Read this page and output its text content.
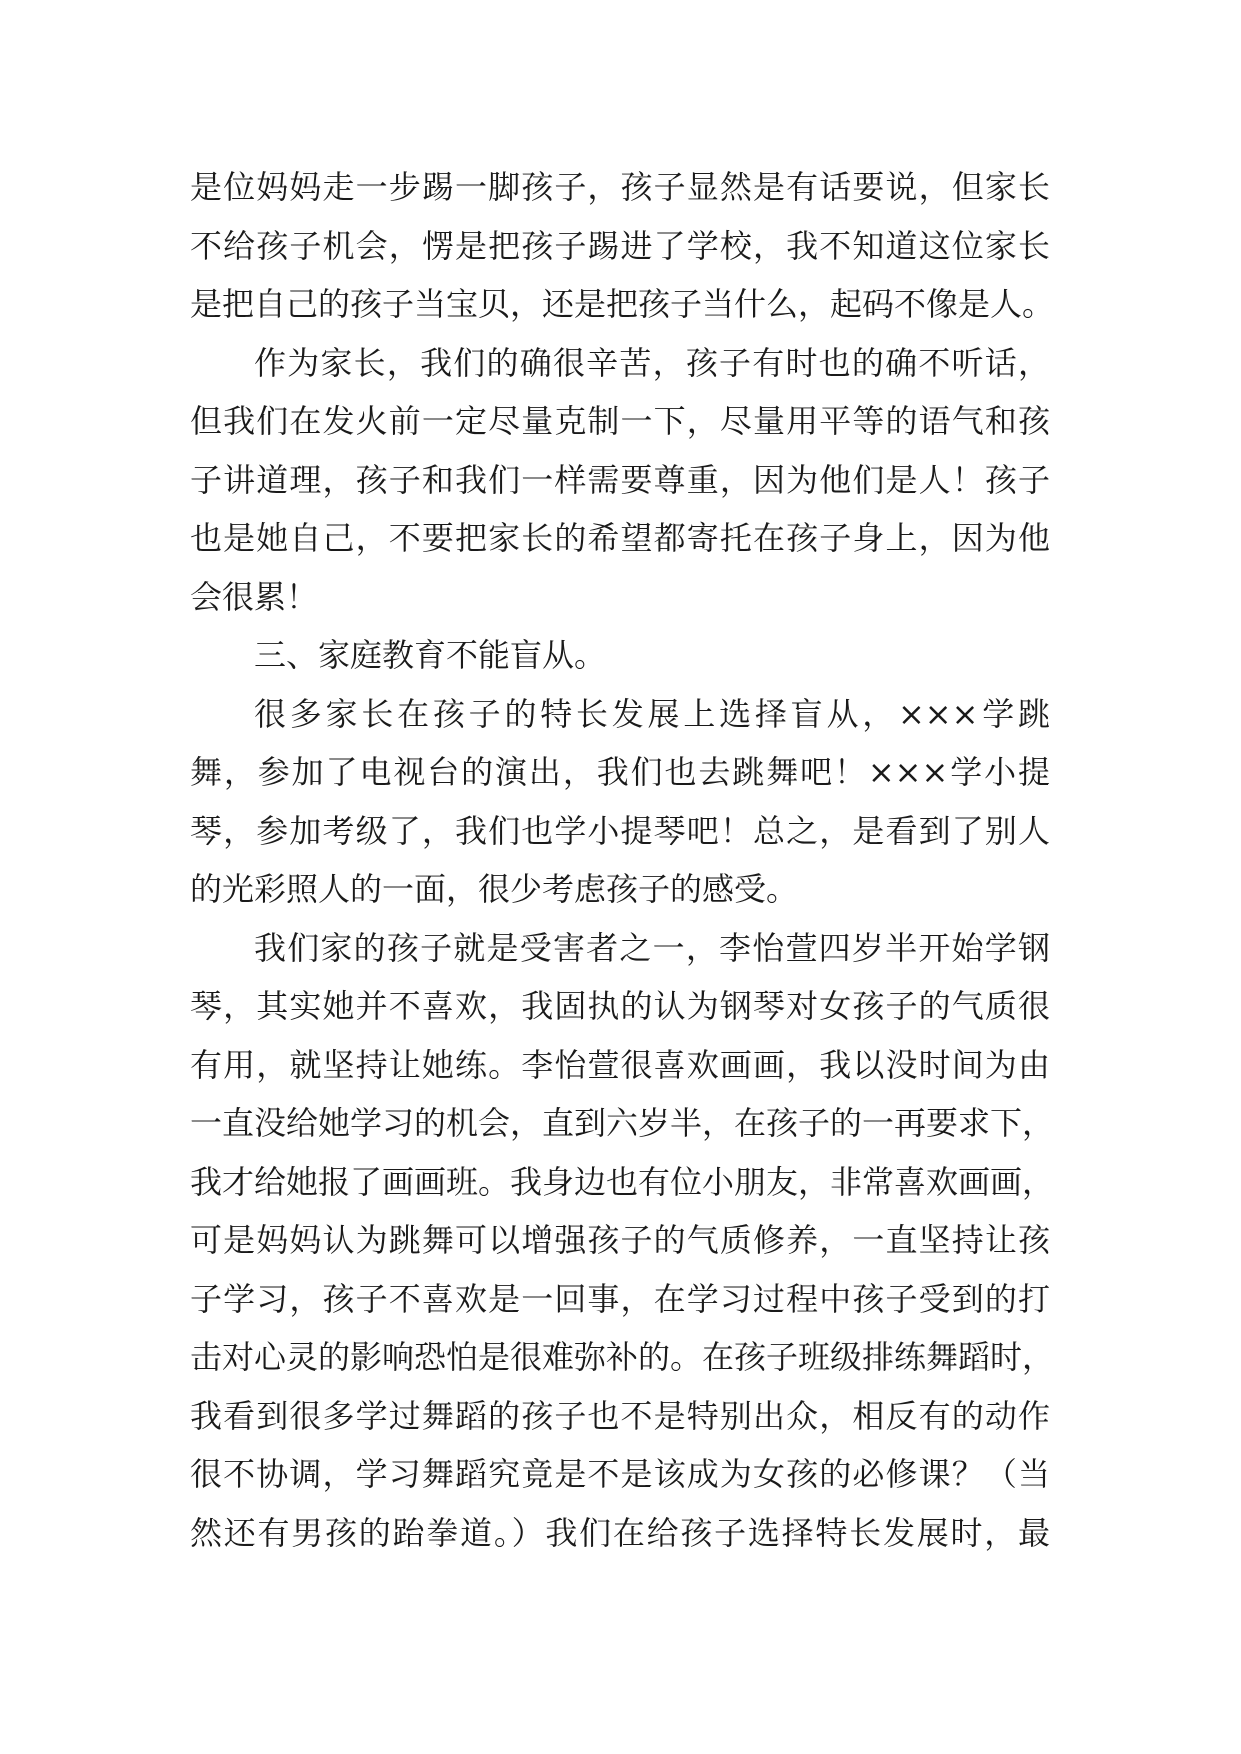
是位妈妈走一步踢一脚孩子，孩子显然是有话要说，但家长
不给孩子机会，愣是把孩子踢进了学校，我不知道这位家长
是把自己的孩子当宝贝，还是把孩子当什么，起码不像是人。
作为家长，我们的确很辛苦，孩子有时也的确不听话，
但我们在发火前一定尽量克制一下，尽量用平等的语气和孩
子讲道理，孩子和我们一样需要尊重，因为他们是人！孩子
也是她自己，不要把家长的希望都寄托在孩子身上，因为他
会很累！
三、家庭教育不能盲从。
很多家长在孩子的特长发展上选择盲从，×××学跳
舞，参加了电视台的演出，我们也去跳舞吧！×××学小提
琴，参加考级了，我们也学小提琴吧！总之，是看到了别人
的光彩照人的一面，很少考虑孩子的感受。
我们家的孩子就是受害者之一，李怡萱四岁半开始学钢
琴，其实她并不喜欢，我固执的认为钢琴对女孩子的气质很
有用，就坚持让她练。李怡萱很喜欢画画，我以没时间为由
一直没给她学习的机会，直到六岁半，在孩子的一再要求下，
我才给她报了画画班。我身边也有位小朋友，非常喜欢画画，
可是妈妈认为跳舞可以增强孩子的气质修养，一直坚持让孩
子学习，孩子不喜欢是一回事，在学习过程中孩子受到的打
击对心灵的影响恐怕是很难弥补的。在孩子班级排练舞蹈时，
我看到很多学过舞蹈的孩子也不是特别出众，相反有的动作
很不协调，学习舞蹈究竟是不是该成为女孩的必修课？（当
然还有男孩的跆拳道。）我们在给孩子选择特长发展时，最
